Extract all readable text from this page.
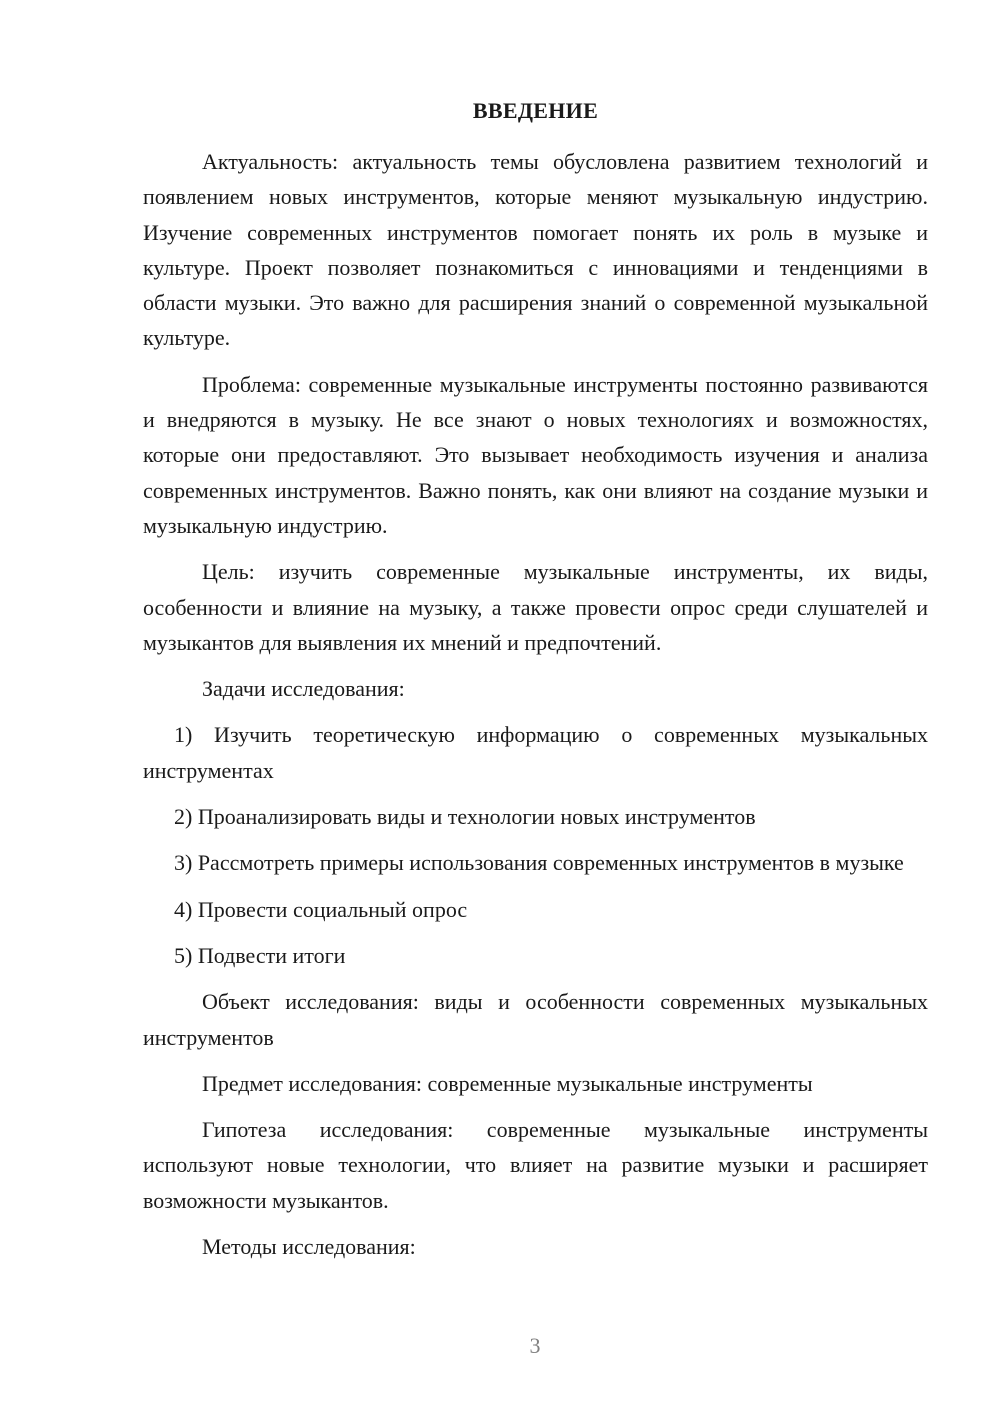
ВВЕДЕНИЕ

Актуальность: актуальность темы обусловлена развитием технологий и появлением новых инструментов, которые меняют музыкальную индустрию. Изучение современных инструментов помогает понять их роль в музыке и культуре. Проект позволяет познакомиться с инновациями и тенденциями в области музыки. Это важно для расширения знаний о современной музыкальной культуре.

Проблема: современные музыкальные инструменты постоянно развиваются и внедряются в музыку. Не все знают о новых технологиях и возможностях, которые они предоставляют. Это вызывает необходимость изучения и анализа современных инструментов. Важно понять, как они влияют на создание музыки и музыкальную индустрию.

Цель: изучить современные музыкальные инструменты, их виды, особенности и влияние на музыку, а также провести опрос среди слушателей и музыкантов для выявления их мнений и предпочтений.

Задачи исследования:

1) Изучить теоретическую информацию о современных музыкальных инструментах

2) Проанализировать виды и технологии новых инструментов

3) Рассмотреть примеры использования современных инструментов в музыке

4) Провести социальный опрос

5) Подвести итоги

Объект исследования: виды и особенности современных музыкальных инструментов

Предмет исследования: современные музыкальные инструменты

Гипотеза исследования: современные музыкальные инструменты используют новые технологии, что влияет на развитие музыки и расширяет возможности музыкантов.

Методы исследования:

3
